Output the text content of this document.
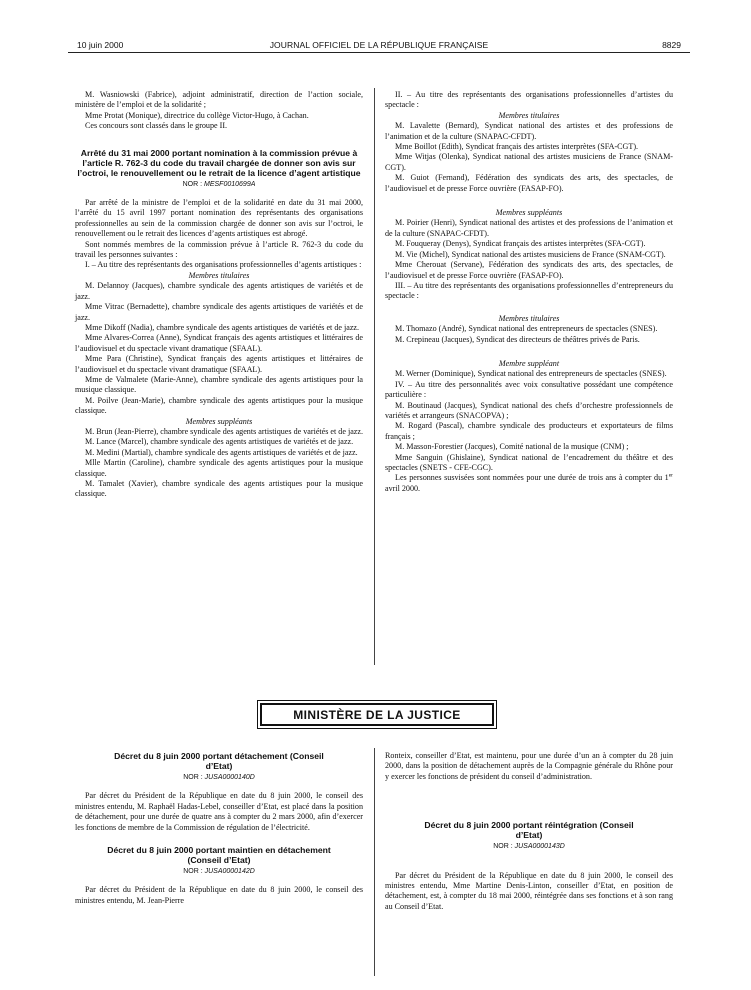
10 juin 2000	JOURNAL OFFICIEL DE LA RÉPUBLIQUE FRANÇAISE	8829

M. Wasniowski (Fabrice), adjoint administratif, direction de l’action sociale, ministère de l’emploi et de la solidarité ;

Mme Protat (Monique), directrice du collège Victor-Hugo, à Cachan.

Ces concours sont classés dans le groupe II.

Arrêté du 31 mai 2000 portant nomination à la commission prévue à l’article R. 762-3 du code du travail chargée de donner son avis sur l’octroi, le renouvellement ou le retrait de la licence d’agent artistique
NOR : MESF0010699A

Par arrêté de la ministre de l’emploi et de la solidarité en date du 31 mai 2000, l’arrêté du 15 avril 1997 portant nomination des représentants des organisations professionnelles au sein de la commission chargée de donner son avis sur l’octroi, le renouvellement ou le retrait des licences d’agents artistiques est abrogé.

Sont nommés membres de la commission prévue à l’article R. 762-3 du code du travail les personnes suivantes :

I. – Au titre des représentants des organisations professionnelles d’agents artistiques :

Membres titulaires

M. Delannoy (Jacques), chambre syndicale des agents artistiques de variétés et de jazz.

Mme Vitrac (Bernadette), chambre syndicale des agents artistiques de variétés et de jazz.

Mme Dikoff (Nadia), chambre syndicale des agents artistiques de variétés et de jazz.

Mme Alvares-Correa (Anne), Syndicat français des agents artistiques et littéraires de l’audiovisuel et du spectacle vivant dramatique (SFAAL).

Mme Para (Christine), Syndicat français des agents artistiques et littéraires de l’audiovisuel et du spectacle vivant dramatique (SFAAL).

Mme de Valmalete (Marie-Anne), chambre syndicale des agents artistiques pour la musique classique.

M. Poilve (Jean-Marie), chambre syndicale des agents artistiques pour la musique classique.

Membres suppléants

M. Brun (Jean-Pierre), chambre syndicale des agents artistiques de variétés et de jazz.

M. Lance (Marcel), chambre syndicale des agents artistiques de variétés et de jazz.

M. Medini (Martial), chambre syndicale des agents artistiques de variétés et de jazz.

Mlle Martin (Caroline), chambre syndicale des agents artistiques pour la musique classique.

M. Tamalet (Xavier), chambre syndicale des agents artistiques pour la musique classique.

II. – Au titre des représentants des organisations professionnelles d’artistes du spectacle :

Membres titulaires

M. Lavalette (Bernard), Syndicat national des artistes et des professions de l’animation et de la culture (SNAPAC-CFDT).

Mme Boillot (Edith), Syndicat français des artistes interprètes (SFA-CGT).

Mme Witjas (Olenka), Syndicat national des artistes musiciens de France (SNAM-CGT).

M. Guiot (Fernand), Fédération des syndicats des arts, des spectacles, de l’audiovisuel et de presse Force ouvrière (FASAP-FO).

Membres suppléants

M. Poirier (Henri), Syndicat national des artistes et des professions de l’animation et de la culture (SNAPAC-CFDT).

M. Fouqueray (Denys), Syndicat français des artistes interprètes (SFA-CGT).

M. Vie (Michel), Syndicat national des artistes musiciens de France (SNAM-CGT).

Mme Cherouat (Servane), Fédération des syndicats des arts, des spectacles, de l’audiovisuel et de presse Force ouvrière (FASAP-FO).

III. – Au titre des représentants des organisations professionnelles d’entrepreneurs du spectacle :

Membres titulaires

M. Thomazo (André), Syndicat national des entrepreneurs de spectacles (SNES).

M. Crepineau (Jacques), Syndicat des directeurs de théâtres privés de Paris.

Membre suppléant

M. Werner (Dominique), Syndicat national des entrepreneurs de spectacles (SNES).

IV. – Au titre des personnalités avec voix consultative possédant une compétence particulière :

M. Boutinaud (Jacques), Syndicat national des chefs d’orchestre professionnels de variétés et arrangeurs (SNACOPVA) ;

M. Rogard (Pascal), chambre syndicale des producteurs et exportateurs de films français ;

M. Masson-Forestier (Jacques), Comité national de la musique (CNM) ;

Mme Sanguin (Ghislaine), Syndicat national de l’encadrement du théâtre et des spectacles (SNETS - CFE-CGC).

Les personnes susvisées sont nommées pour une durée de trois ans à compter du 1er avril 2000.

MINISTÈRE DE LA JUSTICE
Décret du 8 juin 2000 portant détachement (Conseil d’Etat)
NOR : JUSA0000140D

Par décret du Président de la République en date du 8 juin 2000, le conseil des ministres entendu, M. Raphaël Hadas-Lebel, conseiller d’Etat, est placé dans la position de détachement, pour une durée de quatre ans à compter du 2 mars 2000, afin d’exercer les fonctions de membre de la Commission de régulation de l’électricité.

Décret du 8 juin 2000 portant maintien en détachement (Conseil d’Etat)
NOR : JUSA0000142D

Par décret du Président de la République en date du 8 juin 2000, le conseil des ministres entendu, M. Jean-Pierre

Ronteix, conseiller d’Etat, est maintenu, pour une durée d’un an à compter du 28 juin 2000, dans la position de détachement auprès de la Compagnie générale du Rhône pour y exercer les fonctions de président du conseil d’administration.

Décret du 8 juin 2000 portant réintégration (Conseil d’Etat)
NOR : JUSA0000143D

Par décret du Président de la République en date du 8 juin 2000, le conseil des ministres entendu, Mme Martine Denis-Linton, conseiller d’Etat, en position de détachement, est, à compter du 18 mai 2000, réintégrée dans ses fonctions et à son rang au Conseil d’Etat.
